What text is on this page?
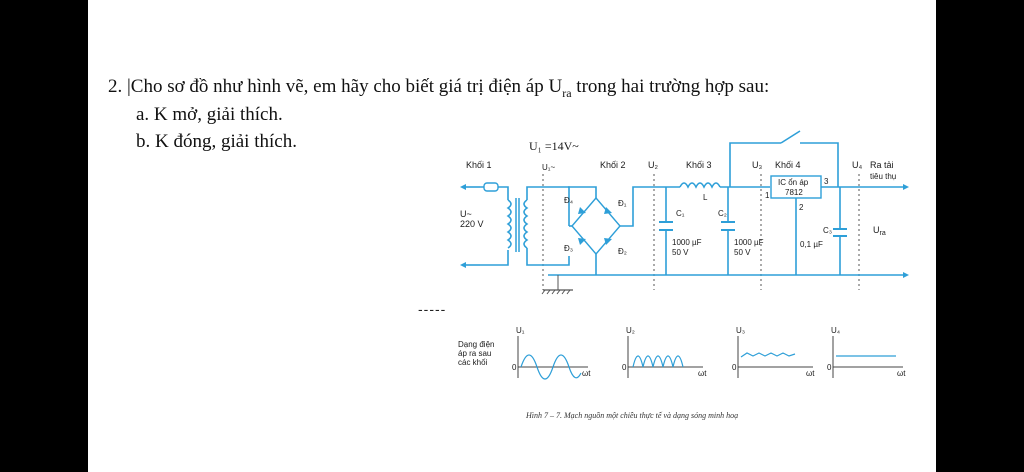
2. |Cho sơ đồ như hình vẽ, em hãy cho biết giá trị điện áp $U_{ra}$ trong hai trường hợp sau:
a. K mở, giải thích.
b. K đóng, giải thích.
-----
U₁ =14V~
Khối 1	U₁~	Khối 2 U₂	Khối 3	U₃ Khối 4	U₄ Ra tải
tiêu thụ
U~
220 V
Đ₄	Đ₁
Đ₃	Đ₂
C₁
1000 µF
50 V
L
C₂
1000 µF
50 V
IC ổn áp
7812
1
3
2
C₃
0,1 µF
$U_{ra}$
Dạng điện
áp ra sau
các khối
U₁
0
ωt
U₂
0
ωt
U₃
0
ωt
U₄
0
ωt
Hình 7 – 7. Mạch nguồn một chiều thực tế và dạng sóng minh hoạ
